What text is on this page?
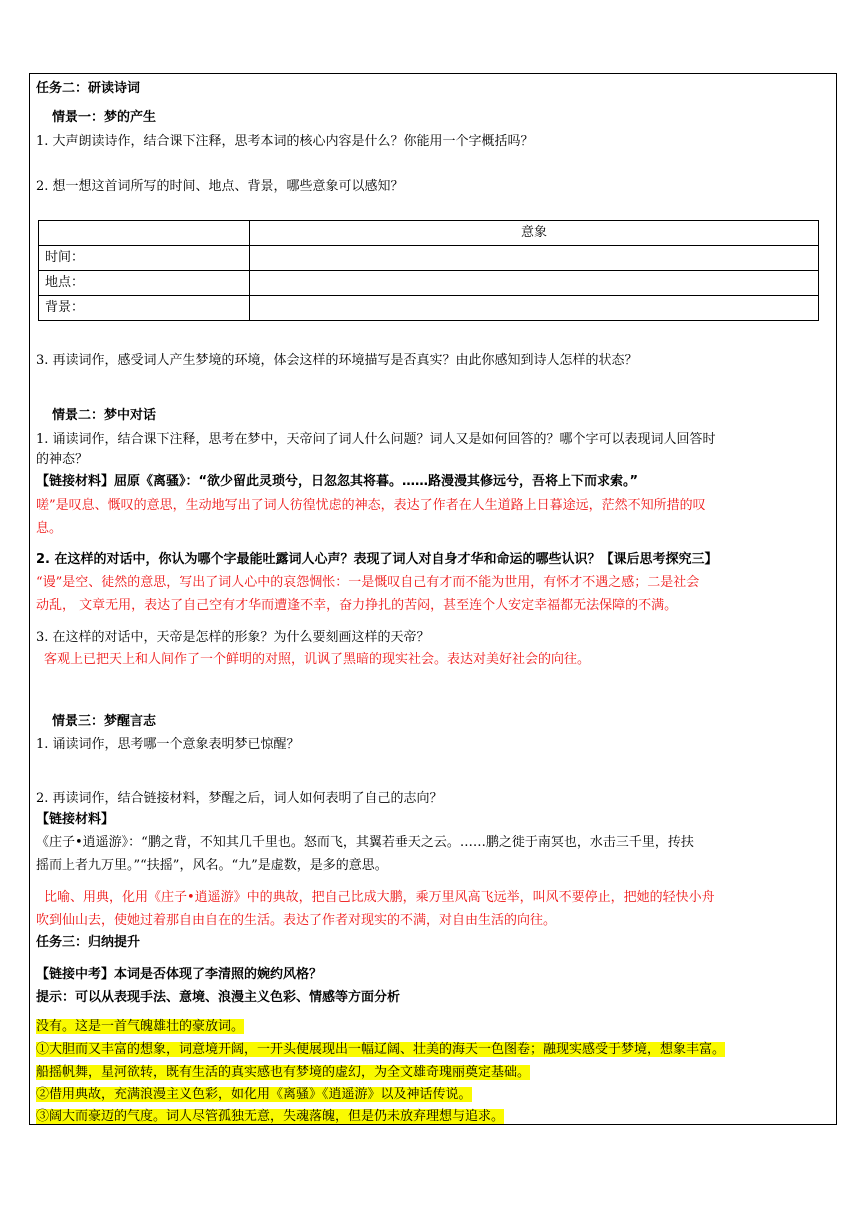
任务二：研读诗词
情景一：梦的产生
1. 大声朗读诗作，结合课下注释，思考本词的核心内容是什么？你能用一个字概括吗？
2. 想一想这首词所写的时间、地点、背景，哪些意象可以感知？
	意象
时间：	
地点：	
背景：	
3. 再读词作，感受词人产生梦境的环境，体会这样的环境描写是否真实？由此你感知到诗人怎样的状态？
情景二：梦中对话
1. 诵读词作，结合课下注释，思考在梦中，天帝问了词人什么问题？词人又是如何回答的？哪个字可以表现词人回答时
的神态？
【链接材料】屈原《离骚》：“欲少留此灵琐兮，日忽忽其将暮。……路漫漫其修远兮，吾将上下而求索。”
嗟”是叹息、慨叹的意思，生动地写出了词人彷徨忧虑的神态，表达了作者在人生道路上日暮途远，茫然不知所措的叹
息。
2. 在这样的对话中，你认为哪个字最能吐露词人心声？表现了词人对自身才华和命运的哪些认识？【课后思考探究三】
“谩”是空、徒然的意思，写出了词人心中的哀怨惆怅：一是慨叹自己有才而不能为世用，有怀才不遇之感；二是社会
动乱， 文章无用，表达了自己空有才华而遭逢不幸，奋力挣扎的苦闷，甚至连个人安定幸福都无法保障的不满。
3. 在这样的对话中，天帝是怎样的形象？为什么要刻画这样的天帝？
客观上已把天上和人间作了一个鲜明的对照，讥讽了黑暗的现实社会。表达对美好社会的向往。
情景三：梦醒言志
1. 诵读词作，思考哪一个意象表明梦已惊醒？
2. 再读词作，结合链接材料，梦醒之后，词人如何表明了自己的志向？
【链接材料】
《庄子•逍遥游》：“鹏之背，不知其几千里也。怒而飞，其翼若垂天之云。……鹏之徙于南冥也，水击三千里，抟扶
摇而上者九万里。”“扶摇”，风名。“九”是虚数，是多的意思。
比喻、用典，化用《庄子•逍遥游》中的典故，把自己比成大鹏，乘万里风高飞远举，叫风不要停止，把她的轻快小舟
吹到仙山去，使她过着那自由自在的生活。表达了作者对现实的不满，对自由生活的向往。
任务三：归纳提升
【链接中考】本词是否体现了李清照的婉约风格？
提示：可以从表现手法、意境、浪漫主义色彩、情感等方面分析
没有。这是一首气魄雄壮的豪放词。
①大胆而又丰富的想象，词意境开阔，一开头便展现出一幅辽阔、壮美的海天一色图卷；融现实感受于梦境，想象丰富。
船摇帆舞，星河欲转，既有生活的真实感也有梦境的虚幻，为全文雄奇瑰丽奠定基础。
②借用典故，充满浪漫主义色彩，如化用《离骚》《逍遥游》以及神话传说。
③阔大而豪迈的气度。词人尽管孤独无意，失魂落魄，但是仍未放弃理想与追求。
